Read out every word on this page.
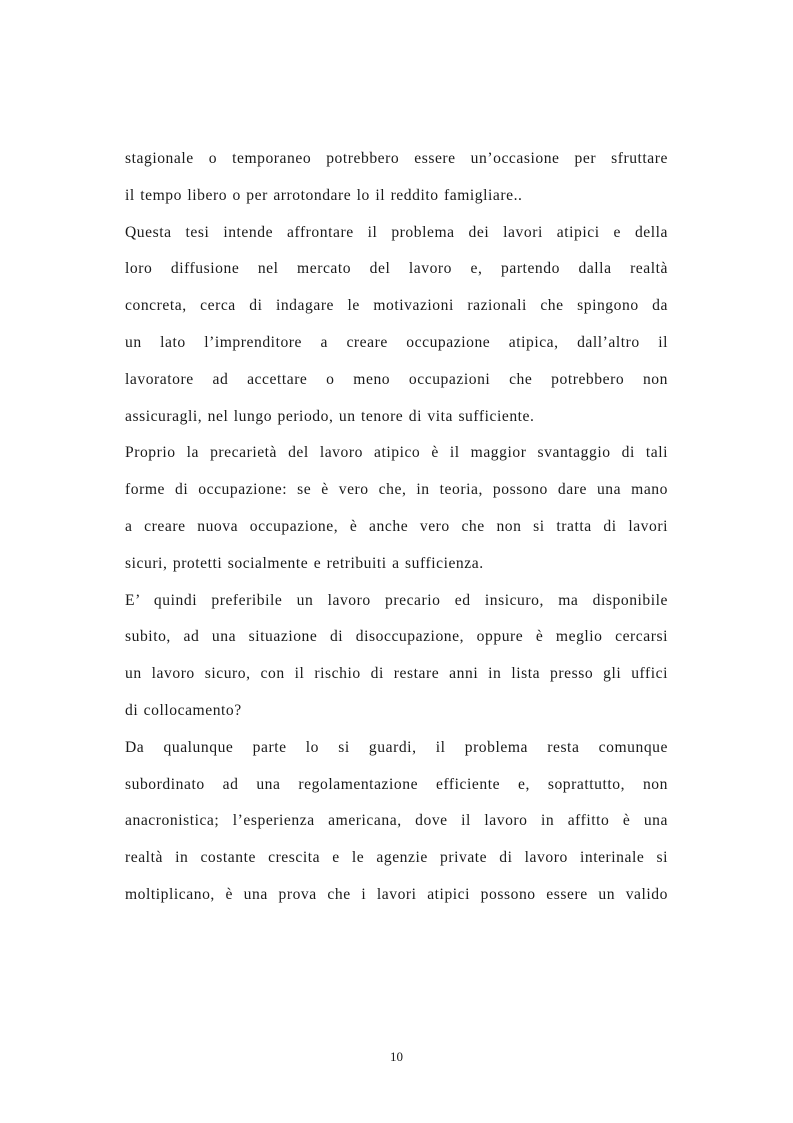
stagionale o temporaneo potrebbero essere un’occasione per sfruttare
il tempo libero o per arrotondare lo il reddito famigliare..
Questa tesi intende affrontare il problema dei lavori atipici e della
loro diffusione nel mercato del lavoro e, partendo dalla realtà
concreta, cerca di indagare le motivazioni razionali che spingono da
un lato l’imprenditore a creare occupazione atipica, dall’altro il
lavoratore ad accettare o meno occupazioni che potrebbero non
assicuragli, nel lungo periodo, un tenore di vita sufficiente.
Proprio la precarietà del lavoro atipico è il maggior svantaggio di tali
forme di occupazione: se è vero che, in teoria, possono dare una mano
a creare nuova occupazione, è anche vero che non si tratta di lavori
sicuri, protetti socialmente e retribuiti a sufficienza.
E’ quindi preferibile un lavoro precario ed insicuro, ma disponibile
subito, ad una situazione di disoccupazione, oppure è meglio cercarsi
un lavoro sicuro, con il rischio di restare anni in lista presso gli uffici
di collocamento?
Da qualunque parte lo si guardi, il problema resta comunque
subordinato ad una regolamentazione efficiente e, soprattutto, non
anacronistica; l’esperienza americana, dove il lavoro in affitto è una
realtà in costante crescita e le agenzie private di lavoro interinale si
moltiplicano, è una prova che i lavori atipici possono essere un valido
10
